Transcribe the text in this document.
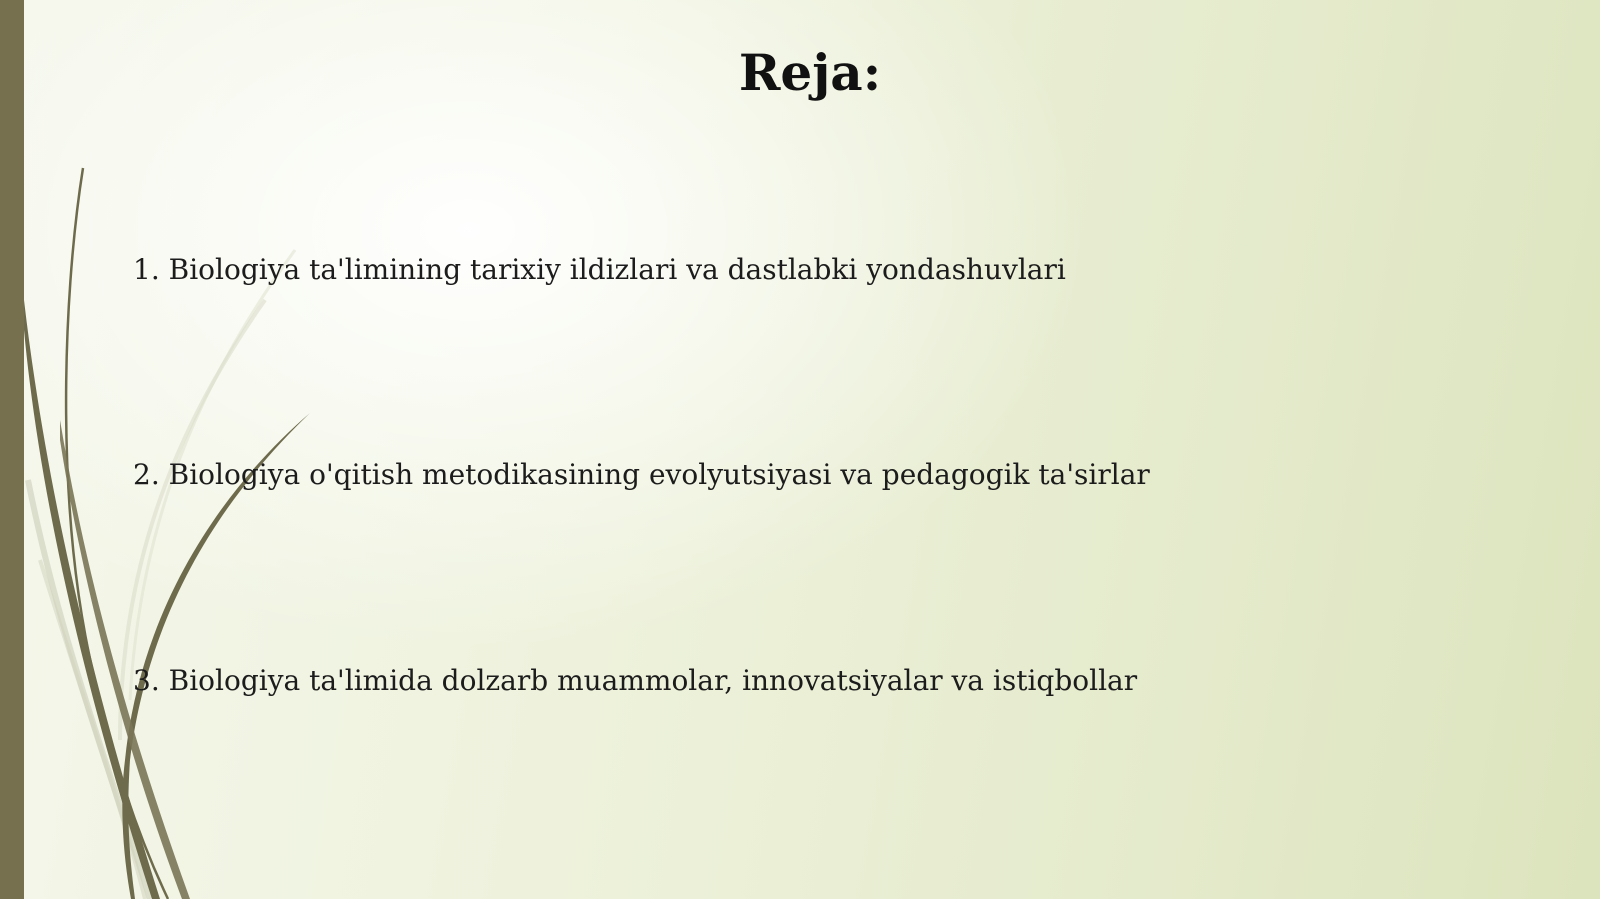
Reja:
1. Biologiya ta'limining tarixiy ildizlari va dastlabki yondashuvlari
2. Biologiya o'qitish metodikasining evolyutsiyasi va pedagogik ta'sirlar
3. Biologiya ta'limida dolzarb muammolar, innovatsiyalar va istiqbollar
